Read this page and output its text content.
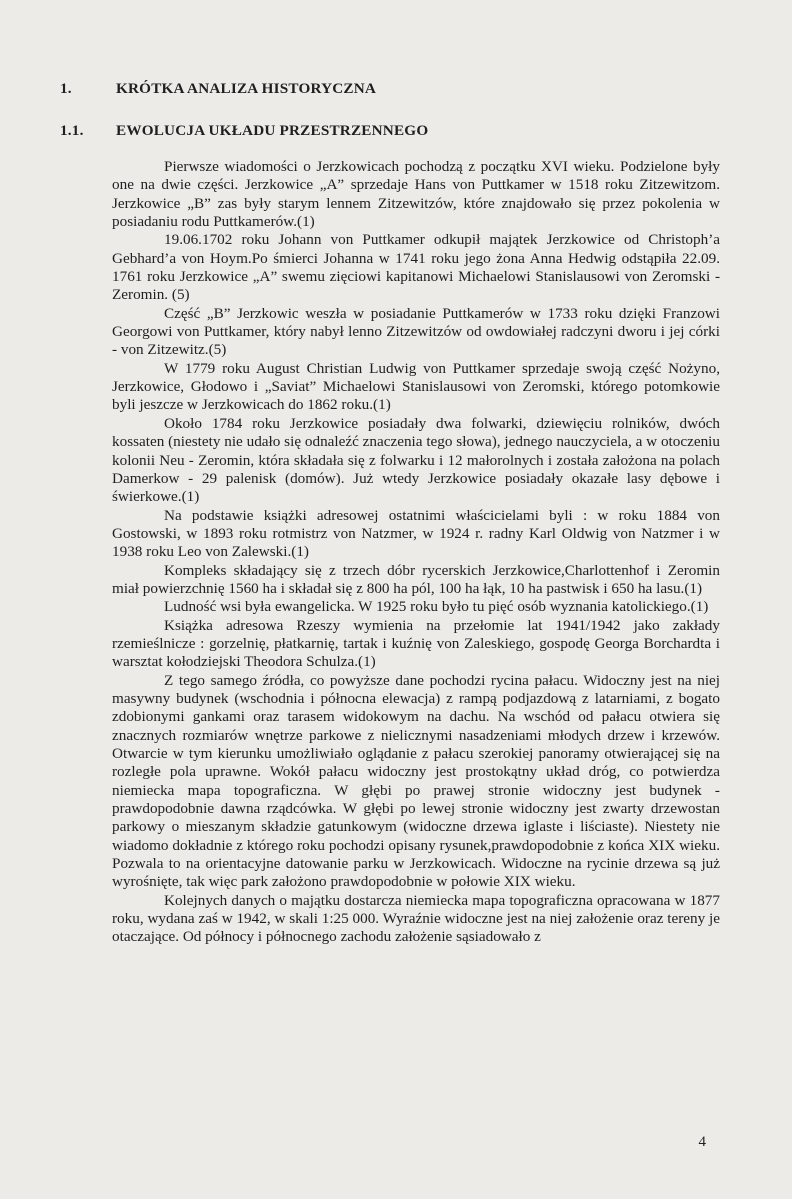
1.	KRÓTKA ANALIZA HISTORYCZNA
1.1.	EWOLUCJA UKŁADU PRZESTRZENNEGO

Pierwsze wiadomości o Jerzkowicach pochodzą z początku XVI wieku. Podzielone były one na dwie części. Jerzkowice „A” sprzedaje Hans von Puttkamer w 1518 roku Zitzewitzom. Jerzkowice „B” zas były starym lennem Zitzewitzów, które znajdowało się przez pokolenia w posiadaniu rodu Puttkamerów.(1)

19.06.1702 roku Johann von Puttkamer odkupił majątek Jerzkowice od Christoph’a Gebhard’a von Hoym.Po śmierci Johanna w 1741 roku jego żona Anna Hedwig odstąpiła 22.09. 1761 roku Jerzkowice „A” swemu zięciowi kapitanowi Michaelowi Stanislausowi von Zeromski - Zeromin. (5)

Część „B” Jerzkowic weszła w posiadanie Puttkamerów w 1733 roku dzięki Franzowi Georgowi von Puttkamer, który nabył lenno Zitzewitzów od owdowiałej radczyni dworu i jej córki - von Zitzewitz.(5)

W 1779 roku August Christian Ludwig von Puttkamer sprzedaje swoją część Nożyno, Jerzkowice, Głodowo i „Saviat” Michaelowi Stanislausowi von Zeromski, którego potomkowie byli jeszcze w Jerzkowicach do 1862 roku.(1)

Około 1784 roku Jerzkowice posiadały dwa folwarki, dziewięciu rolników, dwóch kossaten (niestety nie udało się odnaleźć znaczenia tego słowa), jednego nauczyciela, a w otoczeniu kolonii Neu - Zeromin, która składała się z folwarku i 12 małorolnych i została założona na polach Damerkow - 29 palenisk (domów). Już wtedy Jerzkowice posiadały okazałe lasy dębowe i świerkowe.(1)

Na podstawie książki adresowej ostatnimi właścicielami byli : w roku 1884 von Gostowski, w 1893 roku rotmistrz von Natzmer, w 1924 r. radny Karl Oldwig von Natzmer i w 1938 roku Leo von Zalewski.(1)

Kompleks składający się z trzech dóbr rycerskich Jerzkowice,Charlottenhof i Zeromin miał powierzchnię 1560 ha i składał się z 800 ha pól, 100 ha łąk, 10 ha pastwisk i 650 ha lasu.(1)

Ludność wsi była ewangelicka. W 1925 roku było tu pięć osób wyznania katolickiego.(1)

Książka adresowa Rzeszy wymienia na przełomie lat 1941/1942 jako zakłady rzemieślnicze : gorzelnię, płatkarnię, tartak i kuźnię von Zaleskiego, gospodę Georga Borchardta i warsztat kołodziejski Theodora Schulza.(1)

Z tego samego źródła, co powyższe dane pochodzi rycina pałacu. Widoczny jest na niej masywny budynek (wschodnia i północna elewacja) z rampą podjazdową z latarniami, z bogato zdobionymi gankami oraz tarasem widokowym na dachu. Na wschód od pałacu otwiera się znacznych rozmiarów wnętrze parkowe z nielicznymi nasadzeniami młodych drzew i krzewów. Otwarcie w tym kierunku umożliwiało oglądanie z pałacu szerokiej panoramy otwierającej się na rozległe pola uprawne. Wokół pałacu widoczny jest prostokątny układ dróg, co potwierdza niemiecka mapa topograficzna. W głębi po prawej stronie widoczny jest budynek - prawdopodobnie dawna rządcówka. W głębi po lewej stronie widoczny jest zwarty drzewostan parkowy o mieszanym składzie gatunkowym (widoczne drzewa iglaste i liściaste). Niestety nie wiadomo dokładnie z którego roku pochodzi opisany rysunek,prawdopodobnie z końca XIX wieku. Pozwala to na orientacyjne datowanie parku w Jerzkowicach. Widoczne na rycinie drzewa są już wyrośnięte, tak więc park założono prawdopodobnie w połowie XIX wieku.

Kolejnych danych o majątku dostarcza niemiecka mapa topograficzna opracowana w 1877 roku, wydana zaś w 1942, w skali 1:25 000. Wyraźnie widoczne jest na niej założenie oraz tereny je otaczające. Od północy i północnego zachodu założenie sąsiadowało z

4
